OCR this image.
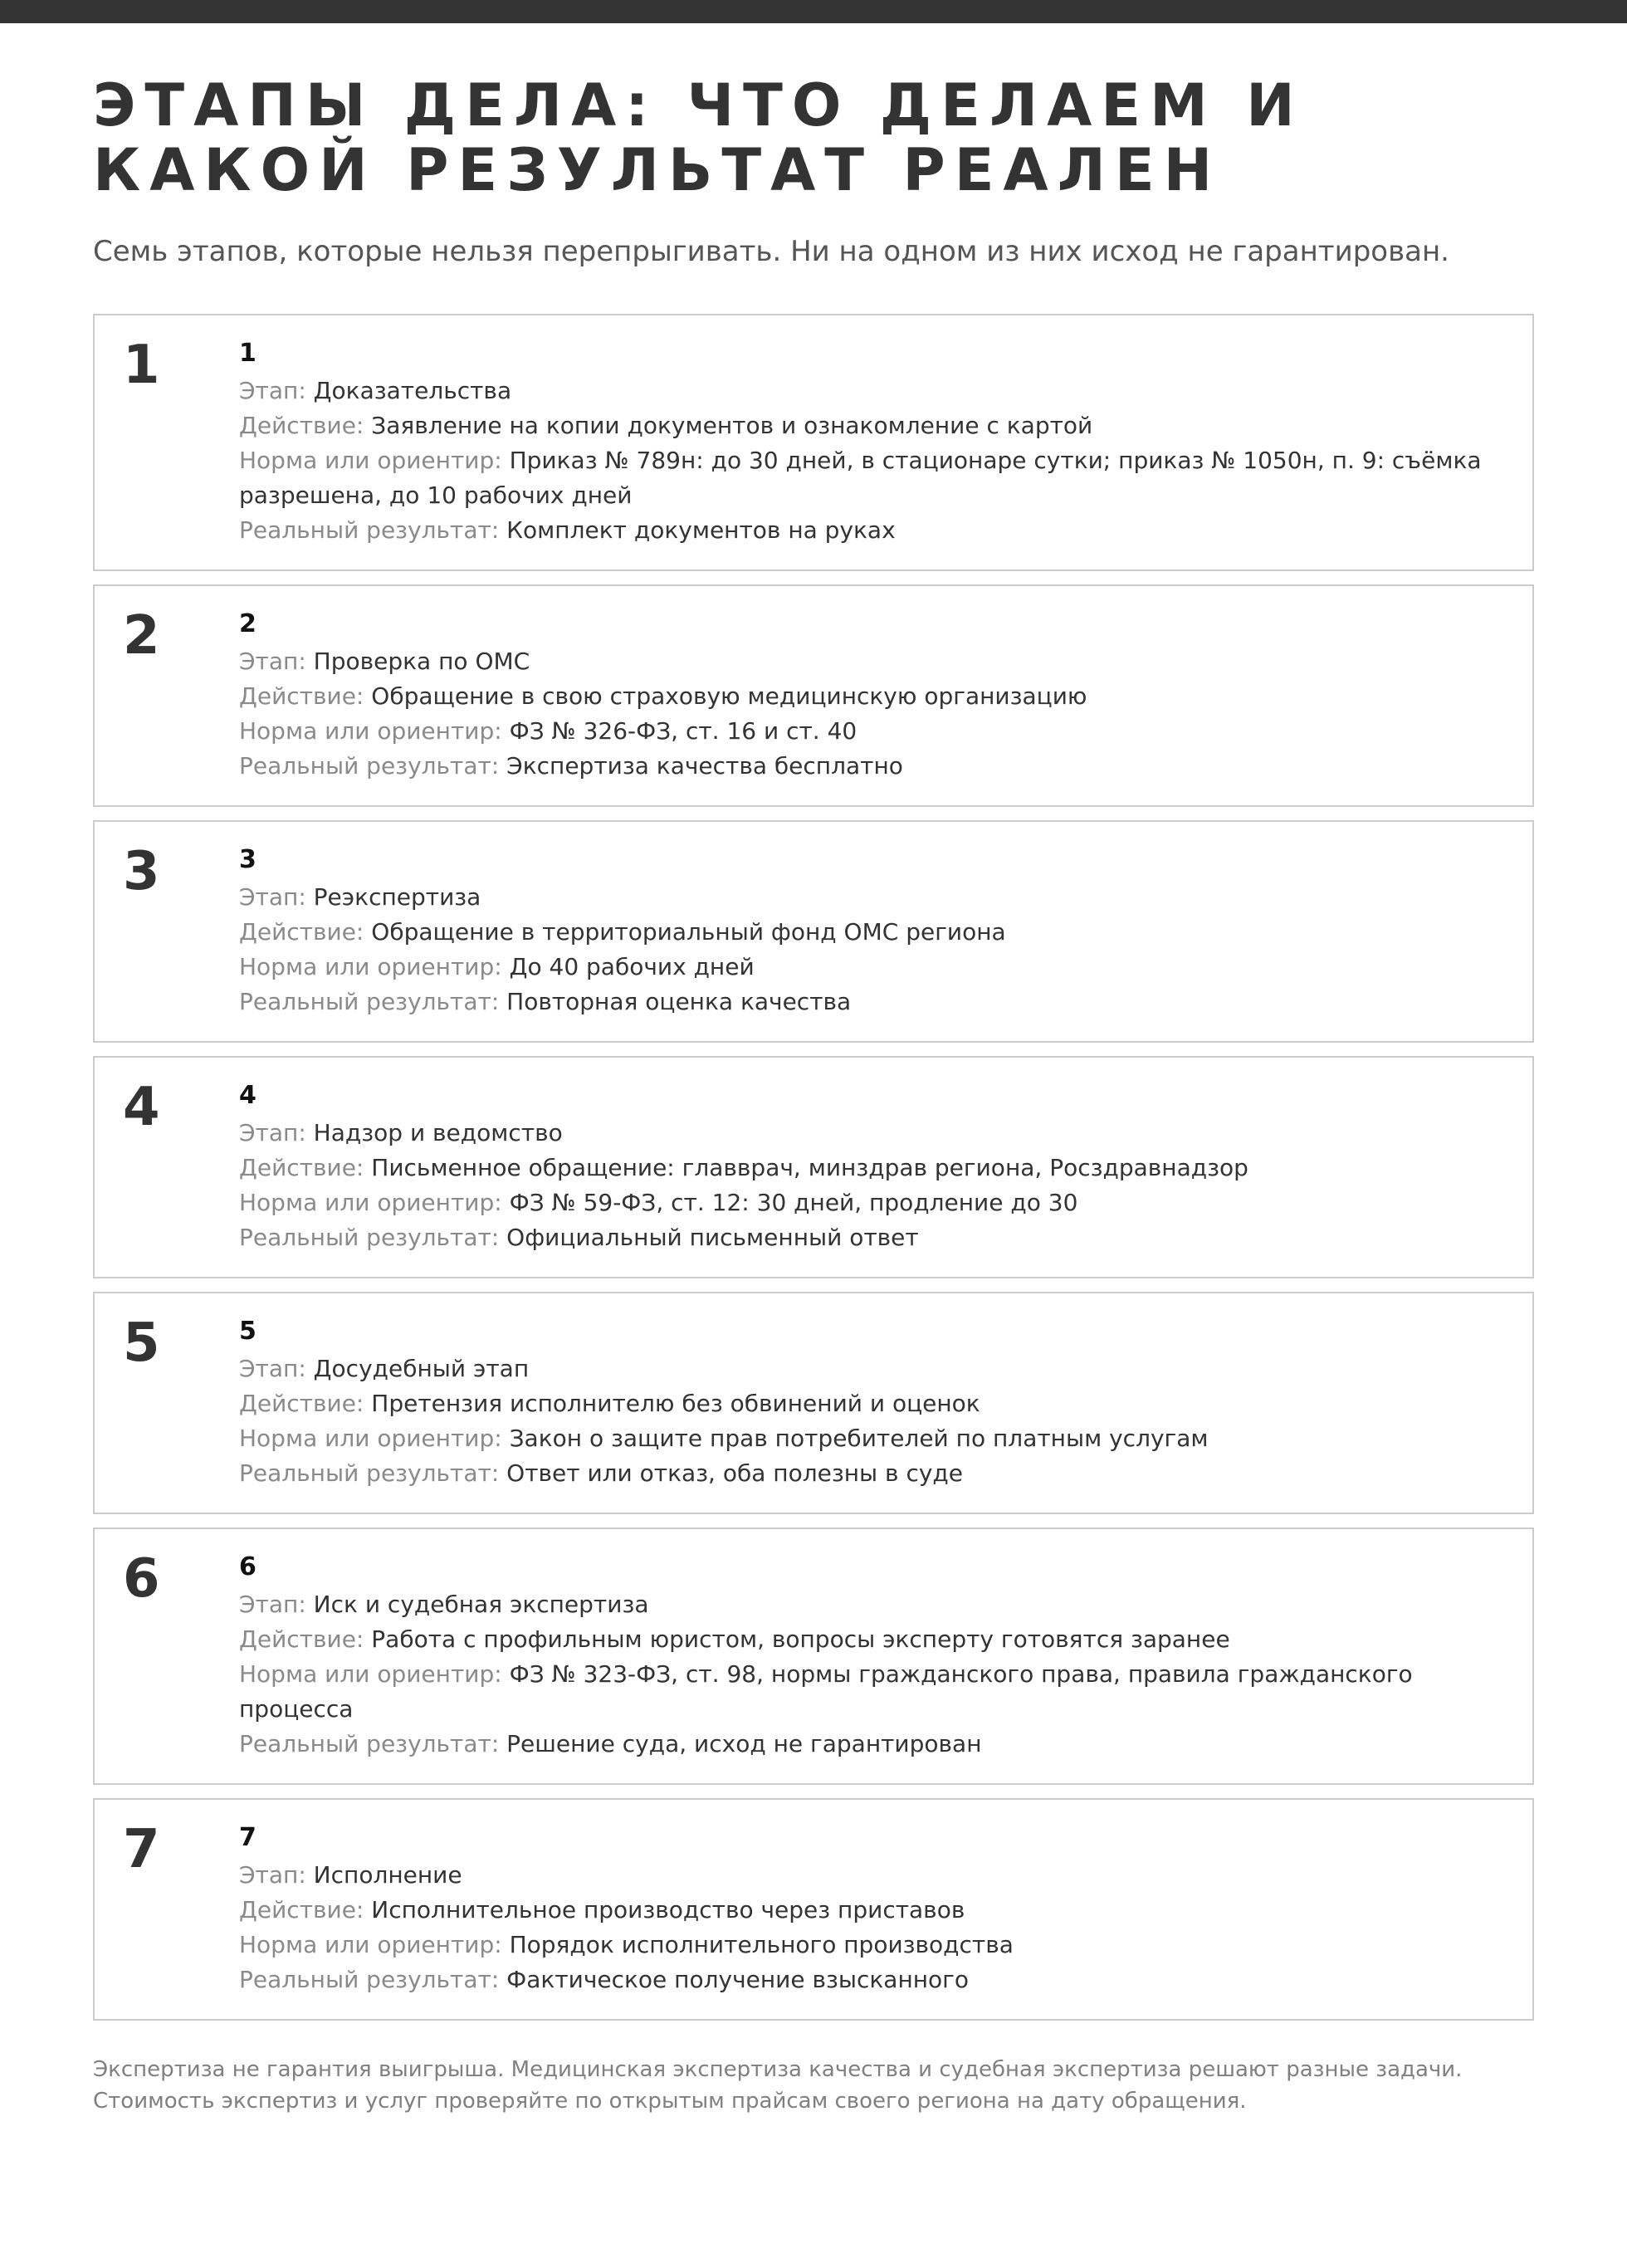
ЭТАПЫ ДЕЛА: ЧТО ДЕЛАЕМ И КАКОЙ РЕЗУЛЬТАТ РЕАЛЕН

Семь этапов, которые нельзя перепрыгивать. Ни на одном из них исход не гарантирован.

1	1
Этап: Доказательства
Действие: Заявление на копии документов и ознакомление с картой
Норма или ориентир: Приказ № 789н: до 30 дней, в стационаре сутки; приказ № 1050н, п. 9: съёмка разрешена, до 10 рабочих дней
Реальный результат: Комплект документов на руках
2	2
Этап: Проверка по ОМС
Действие: Обращение в свою страховую медицинскую организацию
Норма или ориентир: ФЗ № 326-ФЗ, ст. 16 и ст. 40
Реальный результат: Экспертиза качества бесплатно
3	3
Этап: Реэкспертиза
Действие: Обращение в территориальный фонд ОМС региона
Норма или ориентир: До 40 рабочих дней
Реальный результат: Повторная оценка качества
4	4
Этап: Надзор и ведомство
Действие: Письменное обращение: главврач, минздрав региона, Росздравнадзор
Норма или ориентир: ФЗ № 59-ФЗ, ст. 12: 30 дней, продление до 30
Реальный результат: Официальный письменный ответ
5	5
Этап: Досудебный этап
Действие: Претензия исполнителю без обвинений и оценок
Норма или ориентир: Закон о защите прав потребителей по платным услугам
Реальный результат: Ответ или отказ, оба полезны в суде
6	6
Этап: Иск и судебная экспертиза
Действие: Работа с профильным юристом, вопросы эксперту готовятся заранее
Норма или ориентир: ФЗ № 323-ФЗ, ст. 98, нормы гражданского права, правила гражданского процесса
Реальный результат: Решение суда, исход не гарантирован
7	7
Этап: Исполнение
Действие: Исполнительное производство через приставов
Норма или ориентир: Порядок исполнительного производства
Реальный результат: Фактическое получение взысканного

Экспертиза не гарантия выигрыша. Медицинская экспертиза качества и судебная экспертиза решают разные задачи.

Стоимость экспертиз и услуг проверяйте по открытым прайсам своего региона на дату обращения.
